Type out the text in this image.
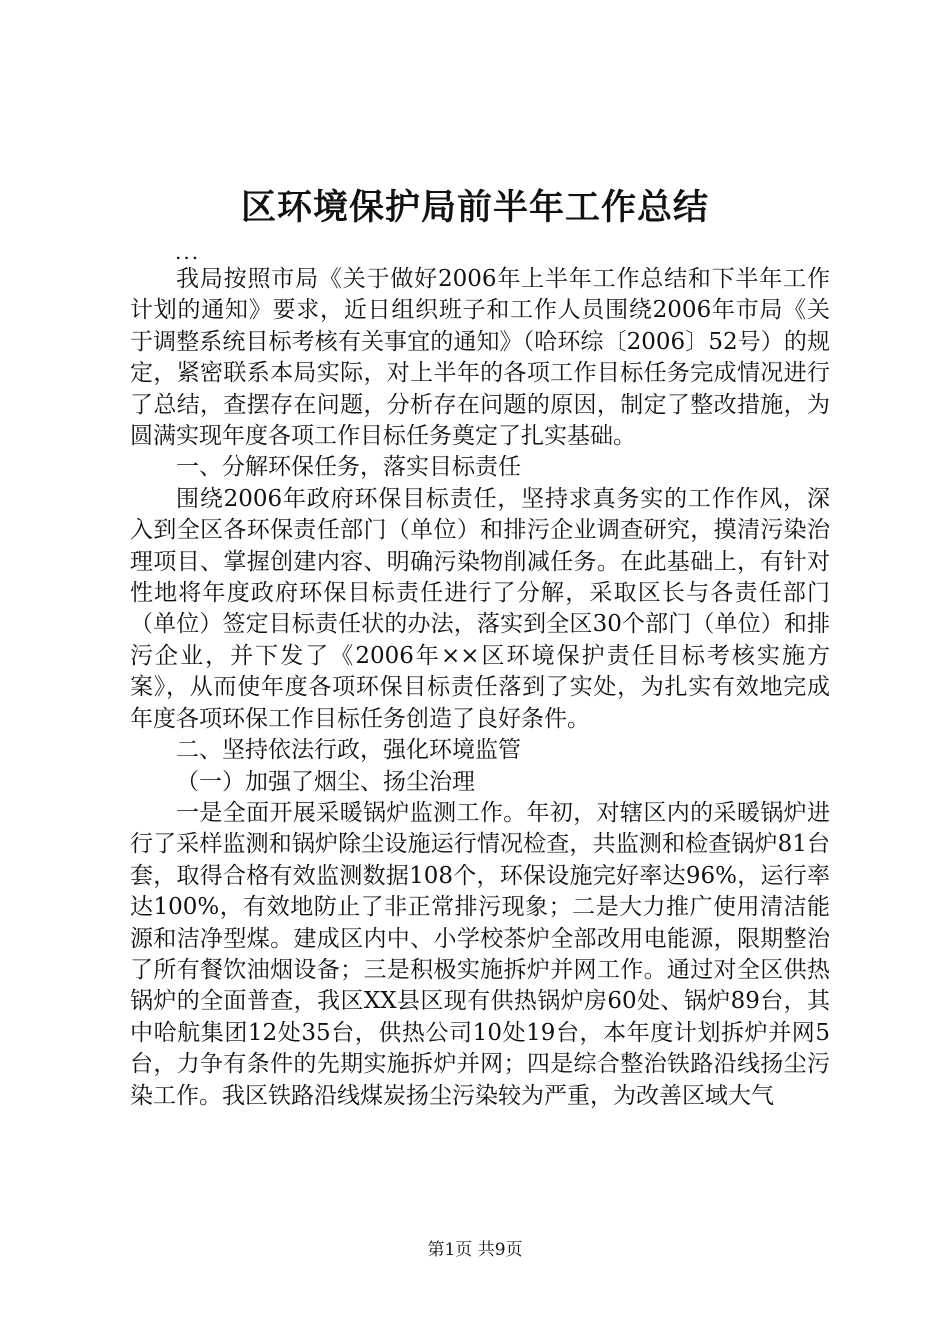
区环境保护局前半年工作总结
...

我局按照市局《关于做好2006年上半年工作总结和下半年工作计划的通知》要求，近日组织班子和工作人员围绕2006年市局《关于调整系统目标考核有关事宜的通知》（哈环综〔2006〕52号）的规定，紧密联系本局实际，对上半年的各项工作目标任务完成情况进行了总结，查摆存在问题，分析存在问题的原因，制定了整改措施，为圆满实现年度各项工作目标任务奠定了扎实基础。

一、分解环保任务，落实目标责任

围绕2006年政府环保目标责任，坚持求真务实的工作作风，深入到全区各环保责任部门（单位）和排污企业调查研究，摸清污染治理项目、掌握创建内容、明确污染物削减任务。在此基础上，有针对性地将年度政府环保目标责任进行了分解，采取区长与各责任部门（单位）签定目标责任状的办法，落实到全区30个部门（单位）和排污企业，并下发了《2006年××区环境保护责任目标考核实施方案》，从而使年度各项环保目标责任落到了实处，为扎实有效地完成年度各项环保工作目标任务创造了良好条件。

二、坚持依法行政，强化环境监管

（一）加强了烟尘、扬尘治理

一是全面开展采暖锅炉监测工作。年初，对辖区内的采暖锅炉进行了采样监测和锅炉除尘设施运行情况检查，共监测和检查锅炉81台套，取得合格有效监测数据108个，环保设施完好率达96%，运行率达100%，有效地防止了非正常排污现象；二是大力推广使用清洁能源和洁净型煤。建成区内中、小学校茶炉全部改用电能源，限期整治了所有餐饮油烟设备；三是积极实施拆炉并网工作。通过对全区供热锅炉的全面普查，我区XX县区现有供热锅炉房60处、锅炉89台，其中哈航集团12处35台，供热公司10处19台，本年度计划拆炉并网5台，力争有条件的先期实施拆炉并网；四是综合整治铁路沿线扬尘污染工作。我区铁路沿线煤炭扬尘污染较为严重，为改善区域大气

第1页 共9页
